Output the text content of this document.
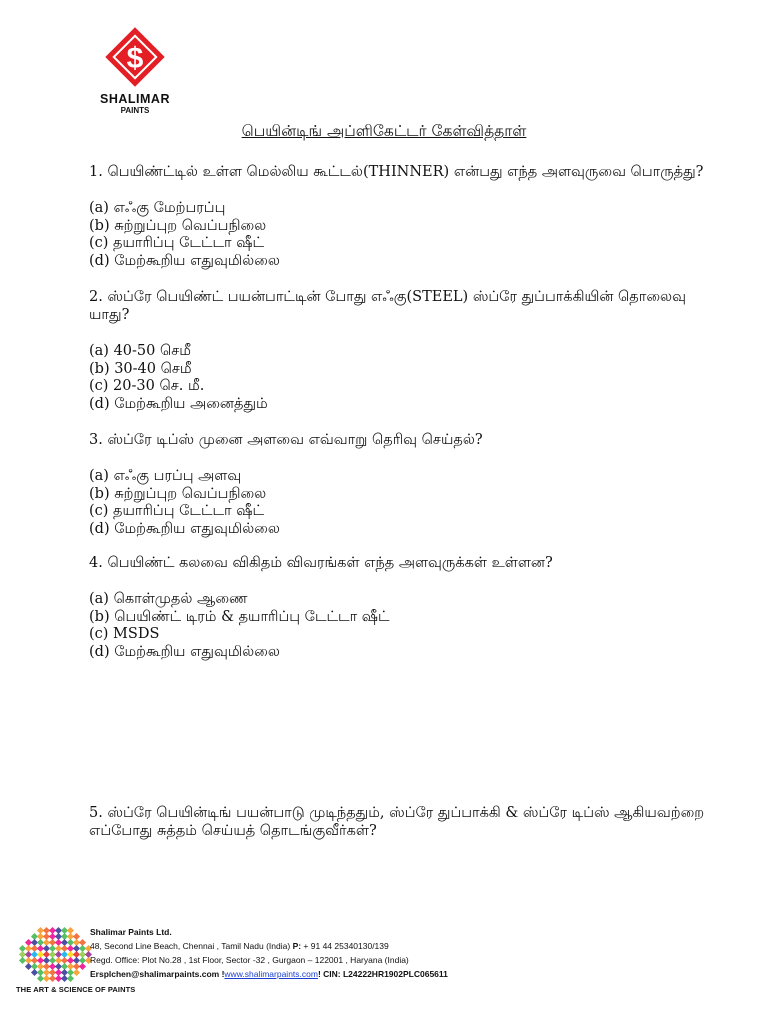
$
SHALIMAR
PAINTS
பெயின்டிங் அப்ளிகேட்டர் கேள்வித்தாள்

1. பெயிண்ட்டில் உள்ள மெல்லிய கூட்டல்(THINNER) என்பது எந்த அளவுருவை பொருத்து?

(a) எஃகு மேற்பரப்பு
(b) சுற்றுப்புற வெப்பநிலை
(c) தயாரிப்பு டேட்டா ஷீட்
(d) மேற்கூறிய எதுவுமில்லை

2. ஸ்ப்ரே பெயிண்ட் பயன்பாட்டின் போது எஃகு(STEEL) ஸ்ப்ரே துப்பாக்கியின் தொலைவு யாது?

(a) 40-50 செமீ
(b) 30-40 செமீ
(c) 20-30 செ. மீ.
(d) மேற்கூறிய அனைத்தும்

3. ஸ்ப்ரே டிப்ஸ் முனை அளவை எவ்வாறு தெரிவு செய்தல்?

(a) எஃகு பரப்பு அளவு
(b) சுற்றுப்புற வெப்பநிலை
(c) தயாரிப்பு டேட்டா ஷீட்
(d) மேற்கூறிய எதுவுமில்லை

4. பெயிண்ட் கலவை விகிதம் விவரங்கள் எந்த அளவுருக்கள் உள்ளன?

(a) கொள்முதல் ஆணை
(b) பெயிண்ட் டிரம் & தயாரிப்பு டேட்டா ஷீட்
(c) MSDS
(d) மேற்கூறிய எதுவுமில்லை

5. ஸ்ப்ரே பெயின்டிங் பயன்பாடு முடிந்ததும், ஸ்ப்ரே துப்பாக்கி & ஸ்ப்ரே டிப்ஸ் ஆகியவற்றை எப்போது சுத்தம் செய்யத் தொடங்குவீர்கள்?

Shalimar Paints Ltd.
48, Second Line Beach, Chennai , Tamil Nadu (India) P: + 91 44 25340130/139
Regd. Office: Plot No.28 , 1st Floor, Sector -32 , Gurgaon – 122001 , Haryana (India)
Ersplchen@shalimarpaints.com !www.shalimarpaints.com! CIN: L24222HR1902PLC065611
THE ART & SCIENCE OF PAINTS
